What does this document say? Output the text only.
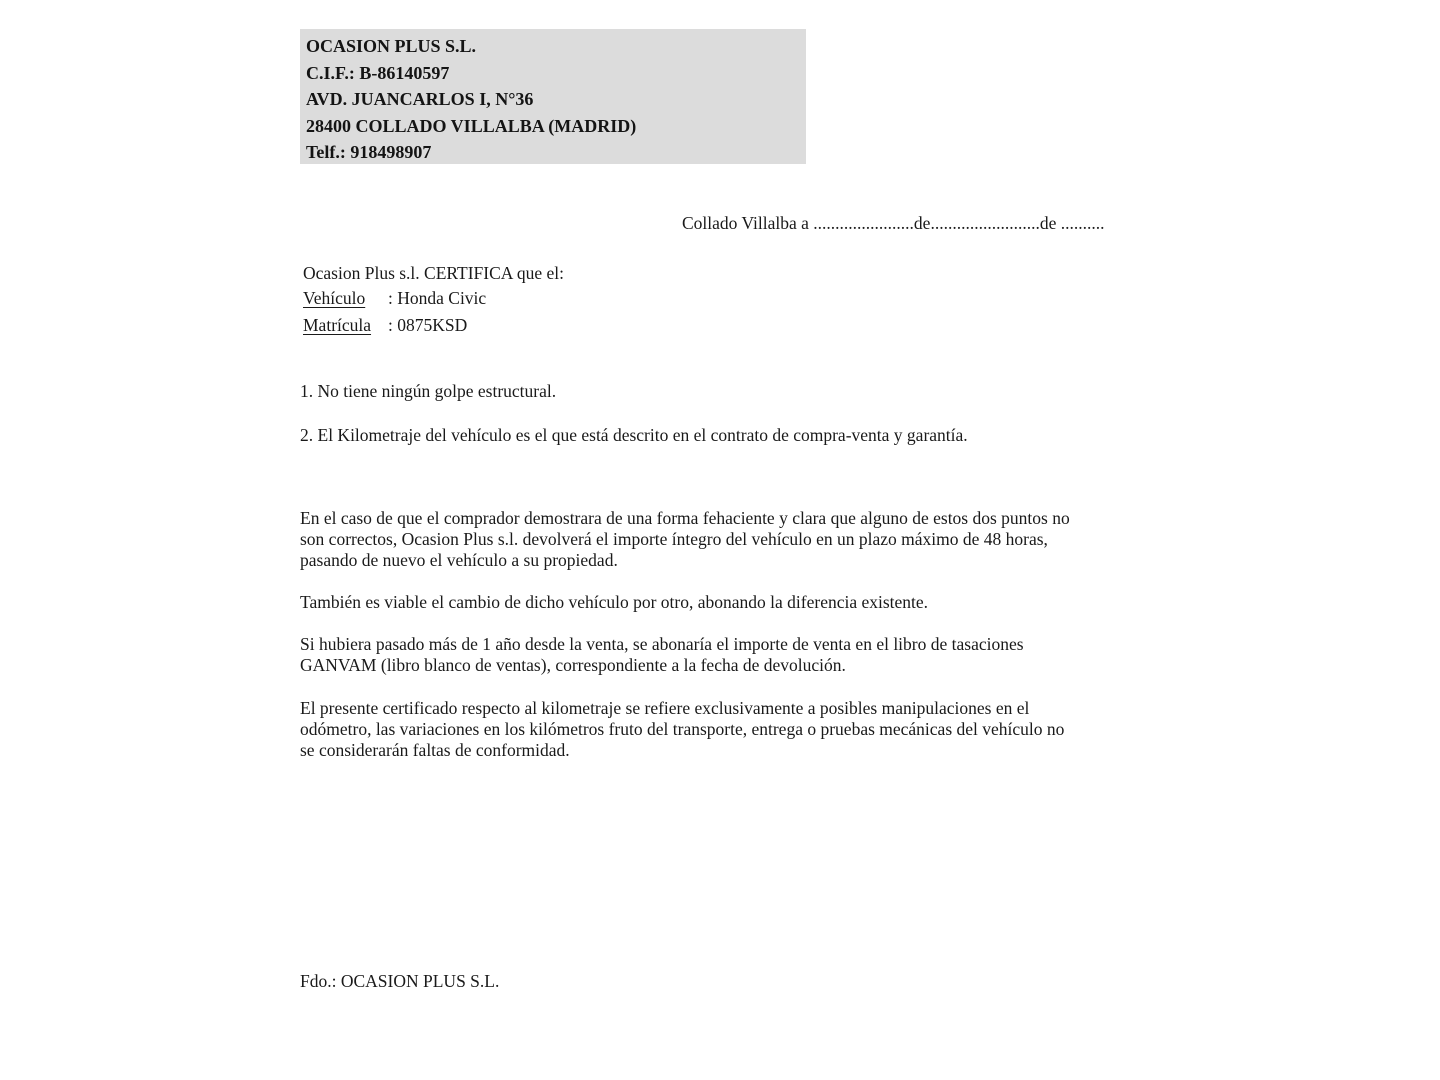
OCASION PLUS S.L.
C.I.F.: B-86140597
AVD. JUANCARLOS I, N°36
28400 COLLADO VILLALBA (MADRID)
Telf.: 918498907
Collado Villalba a .......................de.........................de ..........
Ocasion Plus s.l. CERTIFICA que el:
Vehículo : Honda Civic
Matrícula : 0875KSD
1. No tiene ningún golpe estructural.
2. El Kilometraje del vehículo es el que está descrito en el contrato de compra-venta y garantía.
En el caso de que el comprador demostrara de una forma fehaciente y clara que alguno de estos dos puntos no
son correctos, Ocasion Plus s.l. devolverá el importe íntegro del vehículo en un plazo máximo de 48 horas,
pasando de nuevo el vehículo a su propiedad.
También es viable el cambio de dicho vehículo por otro, abonando la diferencia existente.
Si hubiera pasado más de 1 año desde la venta, se abonaría el importe de venta en el libro de tasaciones
GANVAM (libro blanco de ventas), correspondiente a la fecha de devolución.
El presente certificado respecto al kilometraje se refiere exclusivamente a posibles manipulaciones en el
odómetro, las variaciones en los kilómetros fruto del transporte, entrega o pruebas mecánicas del vehículo no
se considerarán faltas de conformidad.
Fdo.: OCASION PLUS S.L.
